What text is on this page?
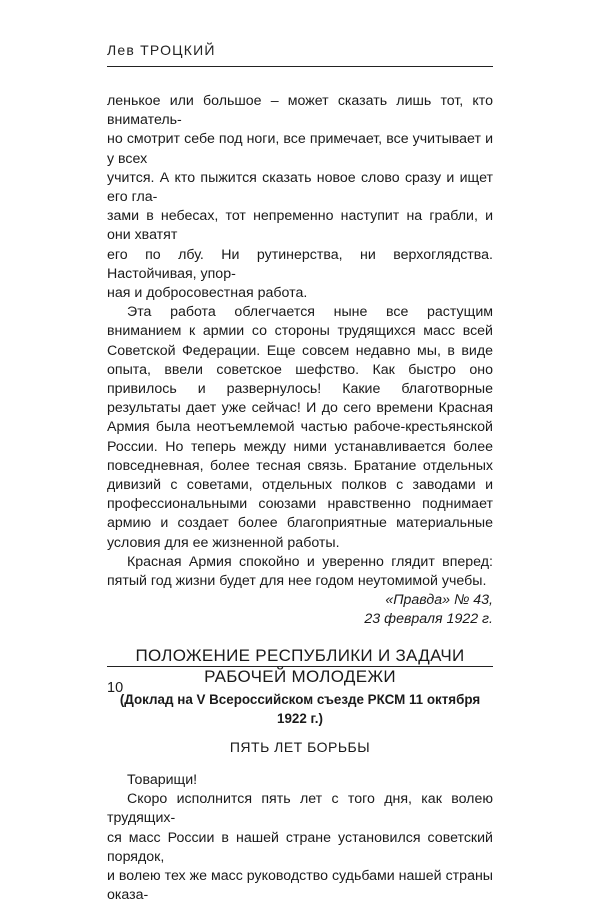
Лев ТРОЦКИЙ

ленькое или большое – может сказать лишь тот, кто вниматель-
но смотрит себе под ноги, все примечает, все учитывает и у всех
учится. А кто пыжится сказать новое слово сразу и ищет его гла-
зами в небесах, тот непременно наступит на грабли, и они хватят
его по лбу. Ни рутинерства, ни верхоглядства. Настойчивая, упор-
ная и добросовестная работа.

Эта работа облегчается ныне все растущим вниманием к армии со стороны трудящихся масс всей Советской Федерации. Еще совсем недавно мы, в виде опыта, ввели советское шефство. Как быстро оно привилось и развернулось! Какие благотворные результаты дает уже сейчас! И до сего времени Красная Армия была неотъемлемой частью рабоче-крестьянской России. Но теперь между ними устанавливается более повседневная, более тесная связь. Братание отдельных дивизий с советами, отдельных полков с заводами и профессиональными союзами нравственно поднимает армию и создает более благоприятные материальные условия для ее жизненной работы.

Красная Армия спокойно и уверенно глядит вперед: пятый год жизни будет для нее годом неутомимой учебы.

«Правда» № 43,
23 февраля 1922 г.
ПОЛОЖЕНИЕ РЕСПУБЛИКИ И ЗАДАЧИ
РАБОЧЕЙ МОЛОДЕЖИ
(Доклад на V Всероссийском съезде РКСМ 11 октября 1922 г.)
ПЯТЬ ЛЕТ БОРЬБЫ

Товарищи!

Скоро исполнится пять лет с того дня, как волею трудящих-
ся масс России в нашей стране установился советский порядок,
и волею тех же масс руководство судьбами нашей страны оказа-

10
